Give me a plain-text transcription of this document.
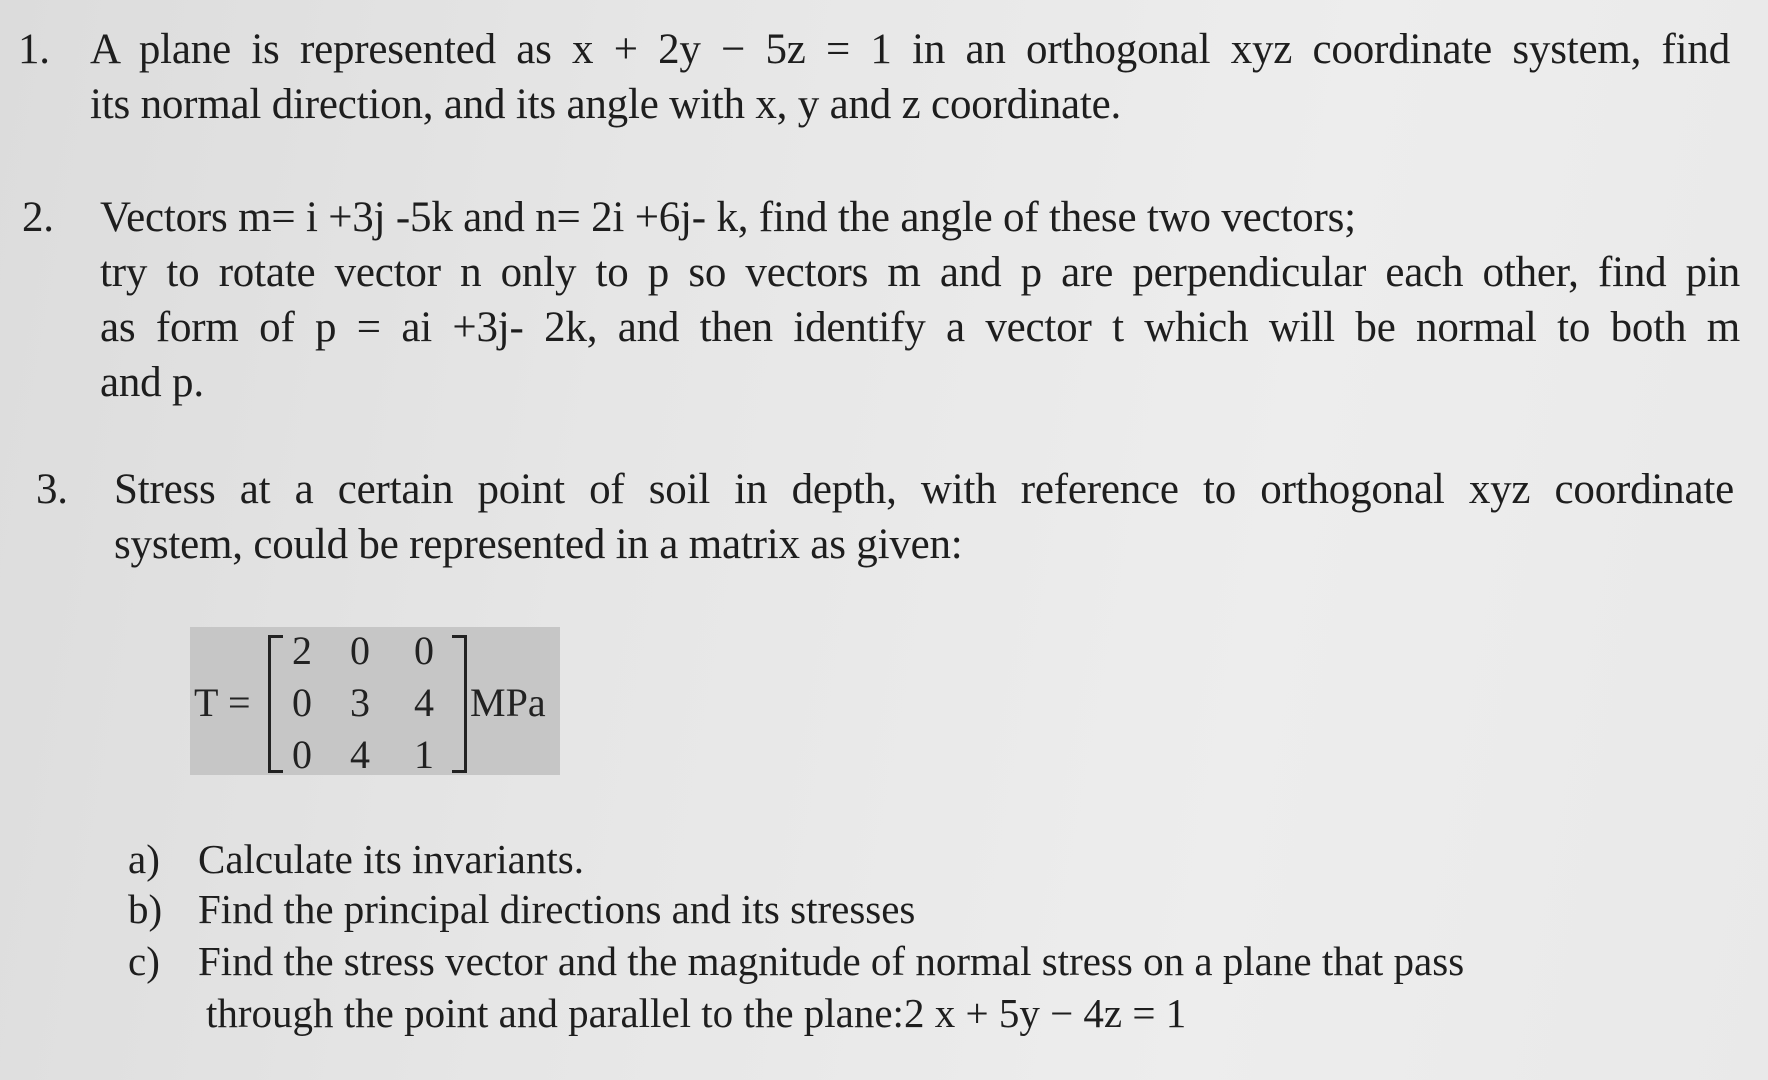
1. A plane is represented as x + 2y − 5z = 1 in an orthogonal xyz coordinate system, find
its normal direction, and its angle with x, y and z coordinate.
2. Vectors m= i +3j -5k and n= 2i +6j- k, find the angle of these two vectors;
try to rotate vector n only to p so vectors m and p are perpendicular each other, find pin
as form of p = ai +3j- 2k, and then identify a vector t which will be normal to both m
and p.
3. Stress at a certain point of soil in depth, with reference to orthogonal xyz coordinate
system, could be represented in a matrix as given:
T =
2 0 0
0 3 4
0 4 1
MPa
a) Calculate its invariants.
b) Find the principal directions and its stresses
c) Find the stress vector and the magnitude of normal stress on a plane that pass
through the point and parallel to the plane:2 x + 5y − 4z = 1
